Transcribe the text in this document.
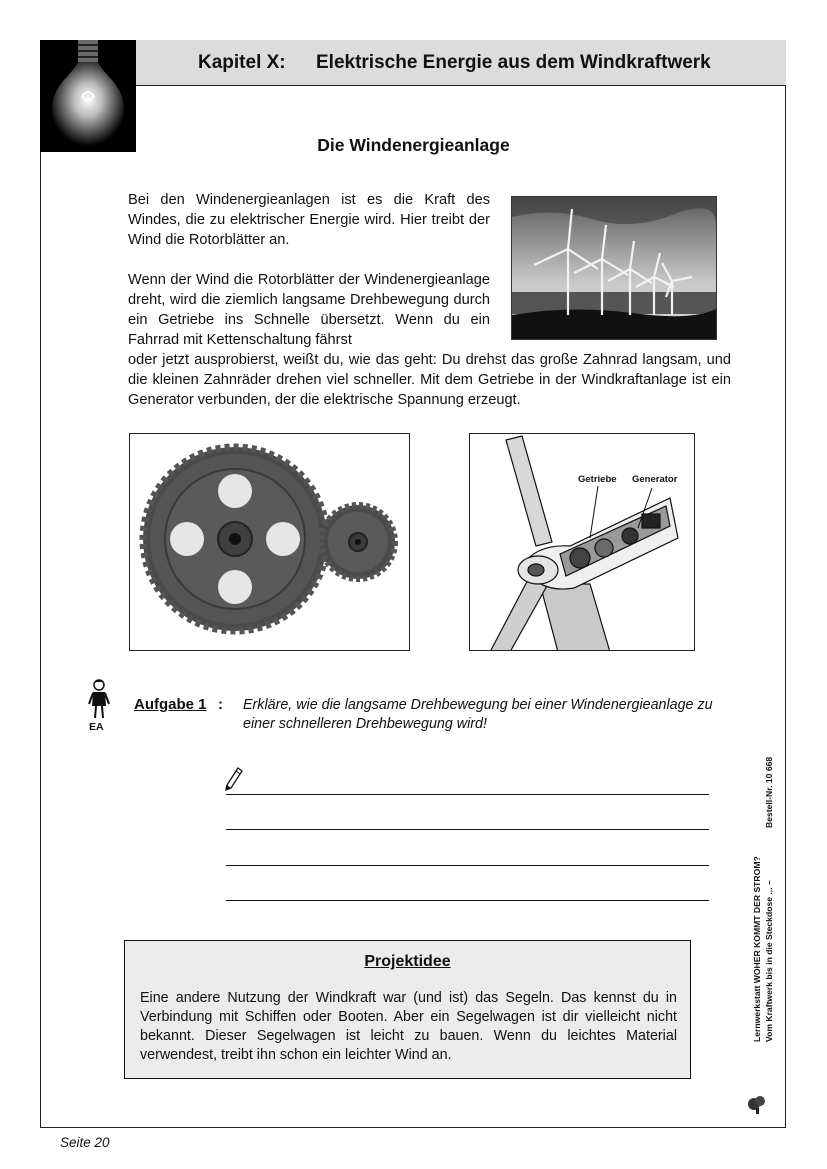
Kapitel X: Elektrische Energie aus dem Windkraftwerk
Die Windenergieanlage
Bei den Windenergieanlagen ist es die Kraft des Windes, die zu elektrischer Energie wird. Hier treibt der Wind die Rotorblätter an.
Wenn der Wind die Rotorblätter der Windenergieanlage dreht, wird die ziemlich langsame Drehbewegung durch ein Getriebe ins Schnelle übersetzt. Wenn du ein Fahrrad mit Kettenschaltung fährst
oder jetzt ausprobierst, weißt du, wie das geht: Du drehst das große Zahnrad langsam, und die kleinen Zahnräder drehen viel schneller. Mit dem Getriebe in der Windkraftanlage ist ein Generator verbunden, der die elektrische Spannung erzeugt.
Getriebe Generator
EA
Aufgabe 1 : Erkläre, wie die langsame Drehbewegung bei einer Windenergieanlage zu einer schnelleren Drehbewegung wird!
Projektidee
Eine andere Nutzung der Windkraft war (und ist) das Segeln. Das kennst du in Verbindung mit Schiffen oder Booten. Aber ein Segelwagen ist dir vielleicht nicht bekannt. Dieser Segelwagen ist leicht zu bauen. Wenn du leichtes Material verwendest, treibt ihn schon ein leichter Wind an.
Lernwerkstatt WOHER KOMMT DER STROM? Vom Kraftwerk bis in die Steckdose ... –
Bestell-Nr. 10 668
Seite 20
